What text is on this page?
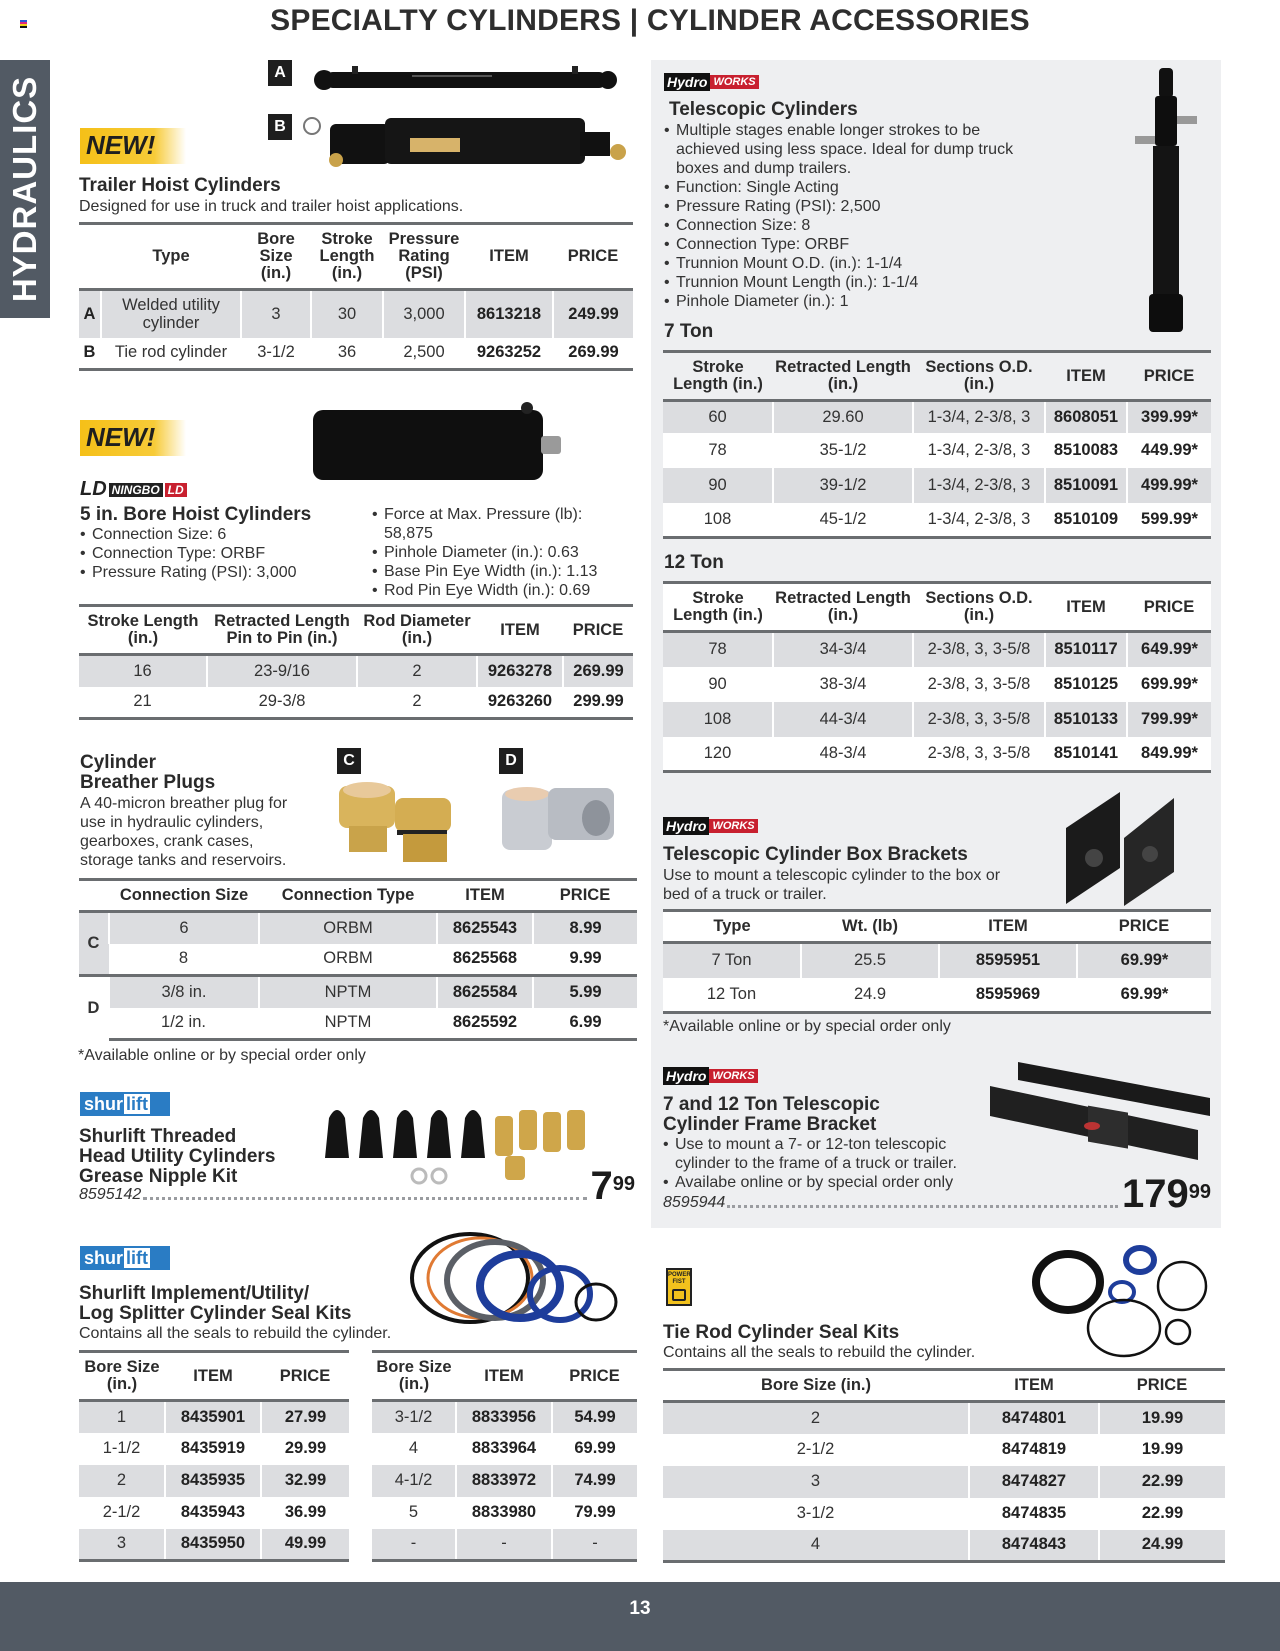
SPECIALTY CYLINDERS | CYLINDER ACCESSORIES
HYDRAULICS
A
B
NEW!
Trailer Hoist Cylinders
Designed for use in truck and trailer hoist applications.
	Type	Bore Size (in.)	Stroke Length (in.)	Pressure Rating (PSI)	ITEM	PRICE
A	Welded utility cylinder	3	30	3,000	8613218	249.99
B	Tie rod cylinder	3-1/2	36	2,500	9263252	269.99
NEW!
LD NINGBO LD
5 in. Bore Hoist Cylinders
• Connection Size: 6
• Connection Type: ORBF
• Pressure Rating (PSI): 3,000
• Force at Max. Pressure (lb): 58,875
• Pinhole Diameter (in.): 0.63
• Base Pin Eye Width (in.): 1.13
• Rod Pin Eye Width (in.): 0.69
Stroke Length (in.)	Retracted Length Pin to Pin (in.)	Rod Diameter (in.)	ITEM	PRICE
16	23-9/16	2	9263278	269.99
21	29-3/8	2	9263260	299.99
Cylinder
Breather Plugs
A 40-micron breather plug for use in hydraulic cylinders, gearboxes, crank cases, storage tanks and reservoirs.
C	D
	Connection Size	Connection Type	ITEM	PRICE
C	6	ORBM	8625543	8.99
	8	ORBM	8625568	9.99
D	3/8 in.	NPTM	8625584	5.99
	1/2 in.	NPTM	8625592	6.99
*Available online or by special order only
shur lift
Shurlift Threaded
Head Utility Cylinders
Grease Nipple Kit
8595142	$7^{99}$
shur lift
Shurlift Implement/Utility/
Log Splitter Cylinder Seal Kits
Contains all the seals to rebuild the cylinder.
Bore Size (in.)	ITEM	PRICE
1	8435901	27.99
1-1/2	8435919	29.99
2	8435935	32.99
2-1/2	8435943	36.99
3	8435950	49.99
Bore Size (in.)	ITEM	PRICE
3-1/2	8833956	54.99
4	8833964	69.99
4-1/2	8833972	74.99
5	8833980	79.99
-	-	-
Hydro WORKS
Telescopic Cylinders
• Multiple stages enable longer strokes to be achieved using less space. Ideal for dump truck boxes and dump trailers.
• Function: Single Acting
• Pressure Rating (PSI): 2,500
• Connection Size: 8
• Connection Type: ORBF
• Trunnion Mount O.D. (in.): 1-1/4
• Trunnion Mount Length (in.): 1-1/4
• Pinhole Diameter (in.): 1
7 Ton
Stroke Length (in.)	Retracted Length (in.)	Sections O.D. (in.)	ITEM	PRICE
60	29.60	1-3/4, 2-3/8, 3	8608051	399.99*
78	35-1/2	1-3/4, 2-3/8, 3	8510083	449.99*
90	39-1/2	1-3/4, 2-3/8, 3	8510091	499.99*
108	45-1/2	1-3/4, 2-3/8, 3	8510109	599.99*
12 Ton
Stroke Length (in.)	Retracted Length (in.)	Sections O.D. (in.)	ITEM	PRICE
78	34-3/4	2-3/8, 3, 3-5/8	8510117	649.99*
90	38-3/4	2-3/8, 3, 3-5/8	8510125	699.99*
108	44-3/4	2-3/8, 3, 3-5/8	8510133	799.99*
120	48-3/4	2-3/8, 3, 3-5/8	8510141	849.99*
Hydro WORKS
Telescopic Cylinder Box Brackets
Use to mount a telescopic cylinder to the box or bed of a truck or trailer.
Type	Wt. (lb)	ITEM	PRICE
7 Ton	25.5	8595951	69.99*
12 Ton	24.9	8595969	69.99*
*Available online or by special order only
Hydro WORKS
7 and 12 Ton Telescopic
Cylinder Frame Bracket
• Use to mount a 7- or 12-ton telescopic cylinder to the frame of a truck or trailer.
• Availabe online or by special order only
8595944	$179^{99}$
POWER
FIST
Tie Rod Cylinder Seal Kits
Contains all the seals to rebuild the cylinder.
Bore Size (in.)	ITEM	PRICE
2	8474801	19.99
2-1/2	8474819	19.99
3	8474827	22.99
3-1/2	8474835	22.99
4	8474843	24.99
13
